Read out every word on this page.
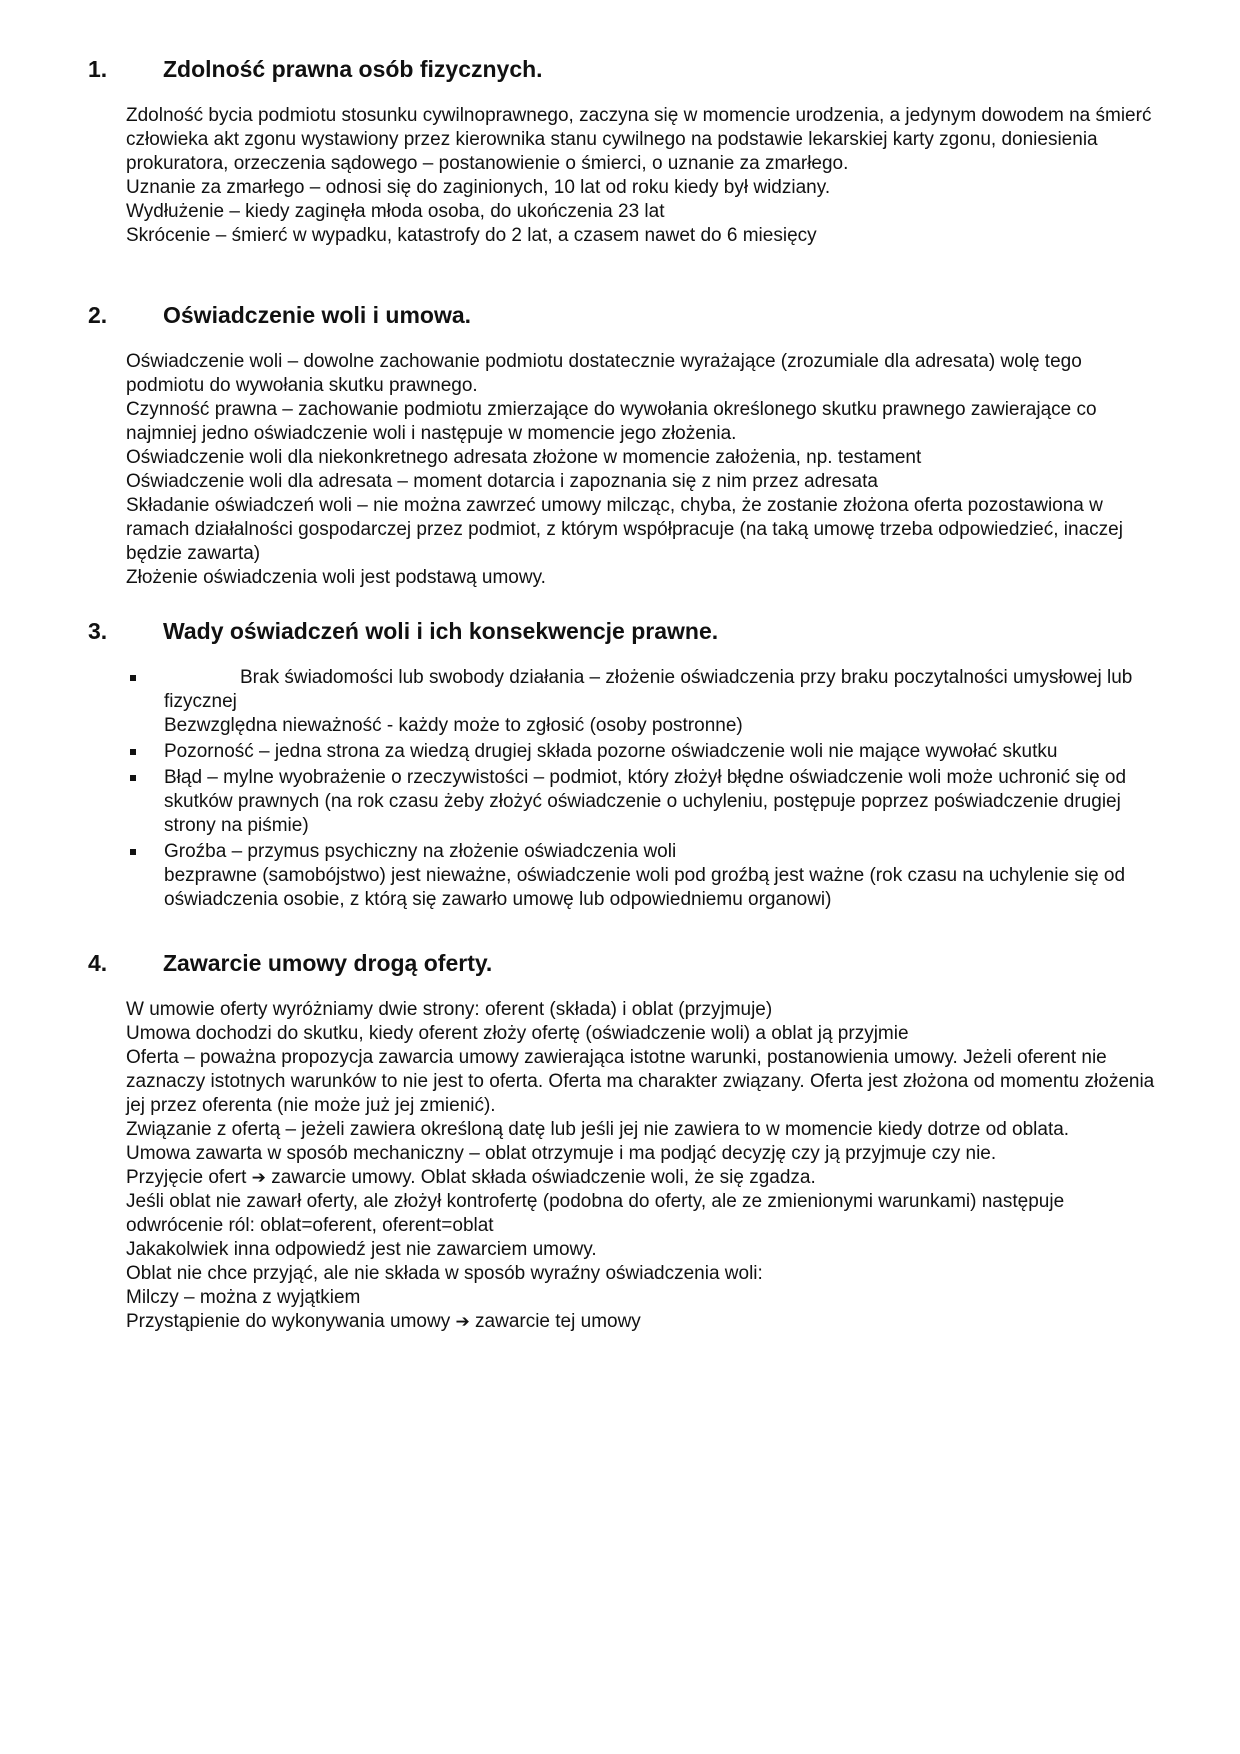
1.	Zdolność prawna osób fizycznych.

Zdolność bycia podmiotu stosunku cywilnoprawnego, zaczyna się w momencie urodzenia, a jedynym dowodem na śmierć człowieka akt zgonu wystawiony przez kierownika stanu cywilnego na podstawie lekarskiej karty zgonu, doniesienia prokuratora, orzeczenia sądowego – postanowienie o śmierci, o uznanie za zmarłego.

Uznanie za zmarłego – odnosi się do zaginionych, 10 lat od roku kiedy był widziany.

Wydłużenie – kiedy zaginęła młoda osoba, do ukończenia 23 lat

Skrócenie – śmierć w wypadku, katastrofy do 2 lat, a czasem nawet do 6 miesięcy

2.	Oświadczenie woli i umowa.

Oświadczenie woli – dowolne zachowanie podmiotu dostatecznie wyrażające (zrozumiale dla adresata) wolę tego podmiotu do wywołania skutku prawnego.

Czynność prawna – zachowanie podmiotu zmierzające do wywołania określonego skutku prawnego zawierające co najmniej jedno oświadczenie woli i następuje w momencie jego złożenia.

Oświadczenie woli dla niekonkretnego adresata złożone w momencie założenia, np. testament

Oświadczenie woli dla adresata – moment dotarcia i zapoznania się z nim przez adresata

Składanie oświadczeń woli – nie można zawrzeć umowy milcząc, chyba, że zostanie złożona oferta pozostawiona w ramach działalności gospodarczej przez podmiot, z którym współpracuje (na taką umowę trzeba odpowiedzieć, inaczej będzie zawarta)

Złożenie oświadczenia woli jest podstawą umowy.

3.	Wady oświadczeń woli i ich konsekwencje prawne.

Brak świadomości lub swobody działania – złożenie oświadczenia przy braku poczytalności umysłowej lub fizycznej

Bezwzględna nieważność - każdy może to zgłosić (osoby postronne)

Pozorność – jedna strona za wiedzą drugiej składa pozorne oświadczenie woli nie mające wywołać skutku

Błąd – mylne wyobrażenie o rzeczywistości – podmiot, który złożył błędne oświadczenie woli może uchronić się od skutków prawnych (na rok czasu żeby złożyć oświadczenie o uchyleniu, postępuje poprzez poświadczenie drugiej strony na piśmie)

Groźba – przymus psychiczny na złożenie oświadczenia woli

bezprawne (samobójstwo) jest nieważne, oświadczenie woli pod groźbą jest ważne (rok czasu na uchylenie się od oświadczenia osobie, z którą się zawarło umowę lub odpowiedniemu organowi)

4.	Zawarcie umowy drogą oferty.

W umowie oferty wyróżniamy dwie strony: oferent (składa) i oblat (przyjmuje)

Umowa dochodzi do skutku, kiedy oferent złoży ofertę (oświadczenie woli) a oblat ją przyjmie

Oferta – poważna propozycja zawarcia umowy zawierająca istotne warunki, postanowienia umowy. Jeżeli oferent nie zaznaczy istotnych warunków to nie jest to oferta. Oferta ma charakter związany. Oferta jest złożona od momentu złożenia jej przez oferenta (nie może już jej zmienić).

Związanie z ofertą – jeżeli zawiera określoną datę lub jeśli jej nie zawiera to w momencie kiedy dotrze od oblata.

Umowa zawarta w sposób mechaniczny – oblat otrzymuje i ma podjąć decyzję czy ją przyjmuje czy nie.

Przyjęcie ofert ➔ zawarcie umowy. Oblat składa oświadczenie woli, że się zgadza.

Jeśli oblat nie zawarł oferty, ale złożył kontrofertę (podobna do oferty, ale ze zmienionymi warunkami) następuje odwrócenie ról: oblat=oferent, oferent=oblat

Jakakolwiek inna odpowiedź jest nie zawarciem umowy.

Oblat nie chce przyjąć, ale nie składa w sposób wyraźny oświadczenia woli:

Milczy – można z wyjątkiem

Przystąpienie do wykonywania umowy ➔ zawarcie tej umowy
